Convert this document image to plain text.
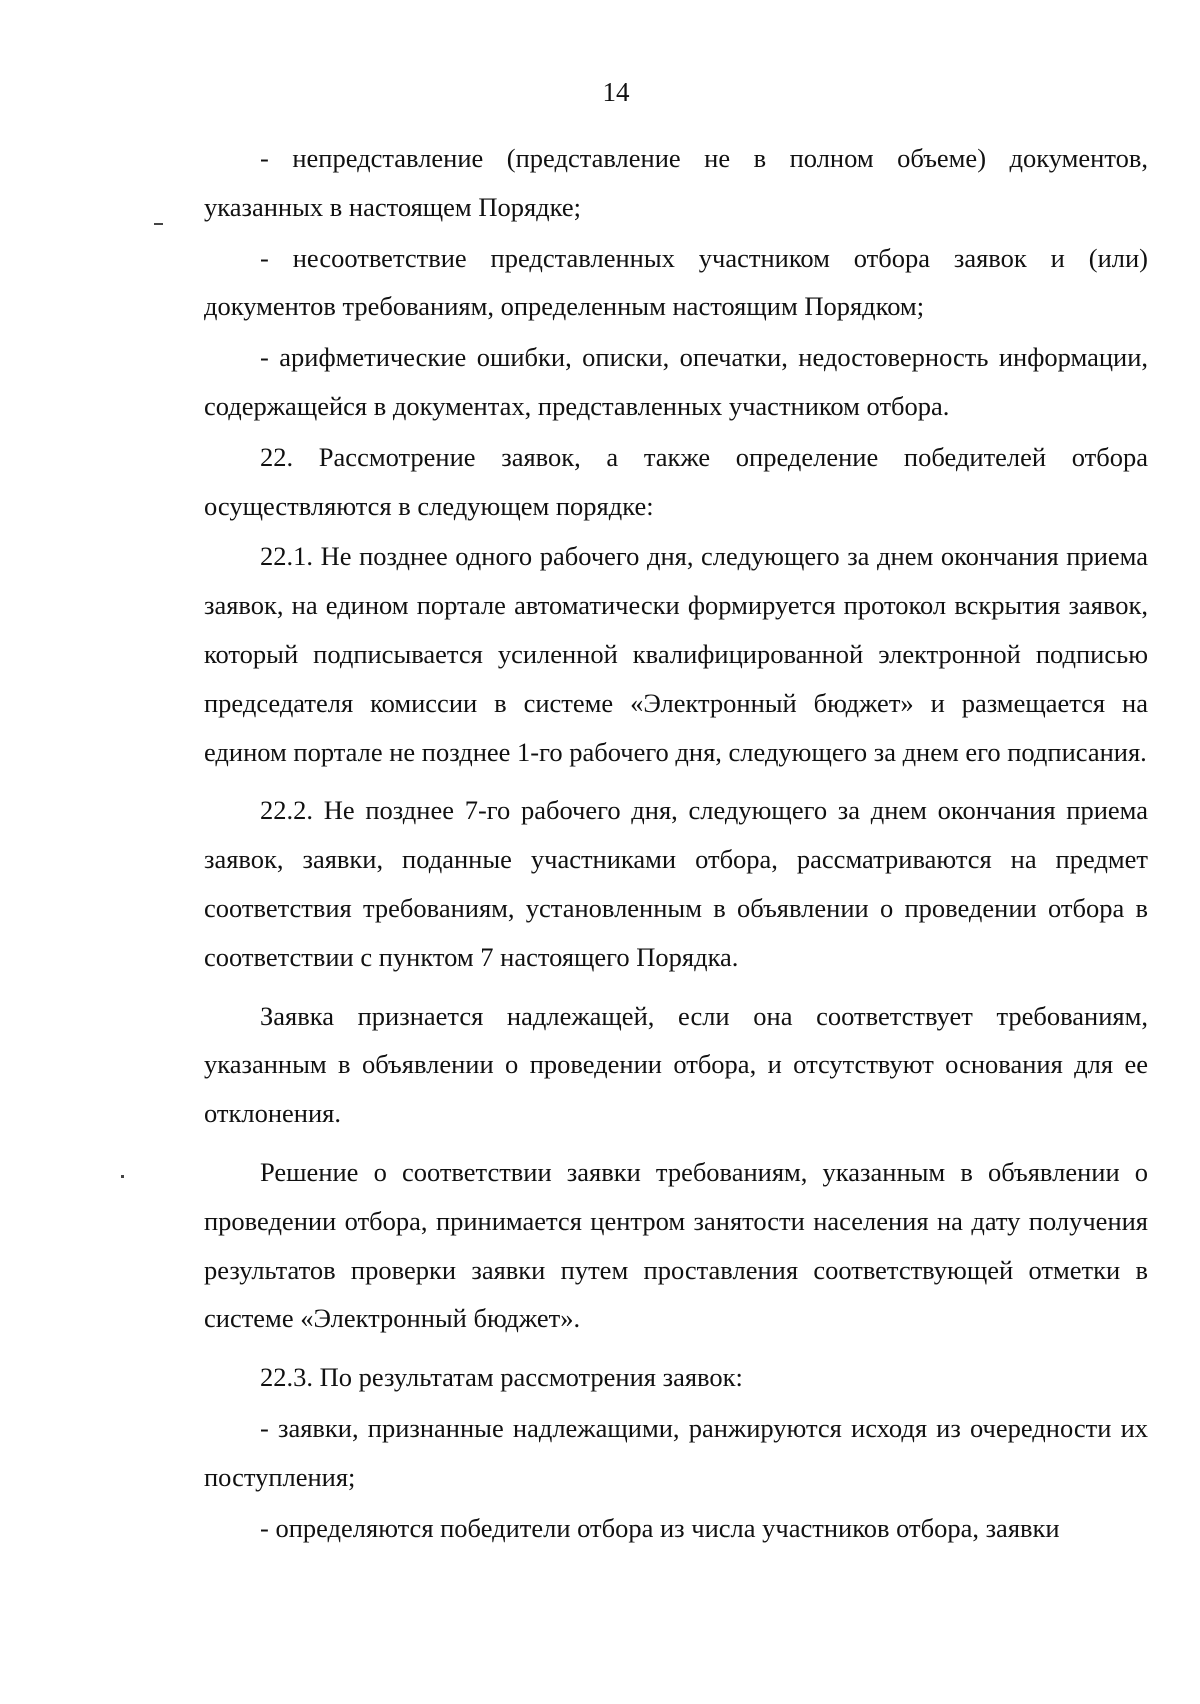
14

- непредставление (представление не в полном объеме) документов, указанных в настоящем Порядке;

- несоответствие представленных участником отбора заявок и (или) документов требованиям, определенным настоящим Порядком;

- арифметические ошибки, описки, опечатки, недостоверность информации, содержащейся в документах, представленных участником отбора.

22. Рассмотрение заявок, а также определение победителей отбора осуществляются в следующем порядке:

22.1. Не позднее одного рабочего дня, следующего за днем окончания приема заявок, на едином портале автоматически формируется протокол вскрытия заявок, который подписывается усиленной квалифицированной электронной подписью председателя комиссии в системе «Электронный бюджет» и размещается на едином портале не позднее 1-го рабочего дня, следующего за днем его подписания.

22.2. Не позднее 7-го рабочего дня, следующего за днем окончания приема заявок, заявки, поданные участниками отбора, рассматриваются на предмет соответствия требованиям, установленным в объявлении о проведении отбора в соответствии с пунктом 7 настоящего Порядка.

Заявка признается надлежащей, если она соответствует требованиям, указанным в объявлении о проведении отбора, и отсутствуют основания для ее отклонения.

Решение о соответствии заявки требованиям, указанным в объявлении о проведении отбора, принимается центром занятости населения на дату получения результатов проверки заявки путем проставления соответствующей отметки в системе «Электронный бюджет».

22.3. По результатам рассмотрения заявок:

- заявки, признанные надлежащими, ранжируются исходя из очередности их поступления;

- определяются победители отбора из числа участников отбора, заявки
